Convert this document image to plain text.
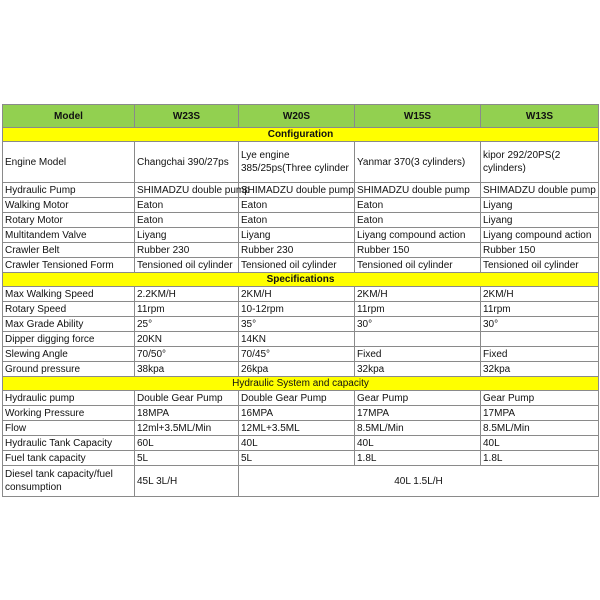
Model	W23S	W20S	W15S	W13S
Configuration				
Engine Model	Changchai 390/27ps	Lye engine 385/25ps(Three cylinder	Yanmar 370(3 cylinders)	kipor 292/20PS(2 cylinders)
Hydraulic Pump	SHIMADZU double pump	SHIMADZU double pump	SHIMADZU double pump	SHIMADZU double pump
Walking Motor	Eaton	Eaton	Eaton	Liyang
Rotary Motor	Eaton	Eaton	Eaton	Liyang
Multitandem Valve	Liyang	Liyang	Liyang compound action	Liyang compound action
Crawler Belt	Rubber 230	Rubber 230	Rubber 150	Rubber 150
Crawler Tensioned Form	Tensioned oil cylinder	Tensioned oil cylinder	Tensioned oil cylinder	Tensioned oil cylinder
Specifications				
Max Walking Speed	2.2KM/H	2KM/H	2KM/H	2KM/H
Rotary Speed	11rpm	10-12rpm	11rpm	11rpm
Max Grade Ability	25°	35°	30°	30°
Dipper digging force	20KN	14KN		
Slewing Angle	70/50°	70/45°	Fixed	Fixed
Ground pressure	38kpa	26kpa	32kpa	32kpa
Hydraulic System and capacity				
Hydraulic pump	Double Gear Pump	Double Gear Pump	Gear Pump	Gear Pump
Working Pressure	18MPA	16MPA	17MPA	17MPA
Flow	12ml+3.5ML/Min	12ML+3.5ML	8.5ML/Min	8.5ML/Min
Hydraulic Tank Capacity	60L	40L	40L	40L
Fuel tank capacity	5L	5L	1.8L	1.8L
Diesel tank capacity/fuel consumption	45L 3L/H	40L 1.5L/H		
